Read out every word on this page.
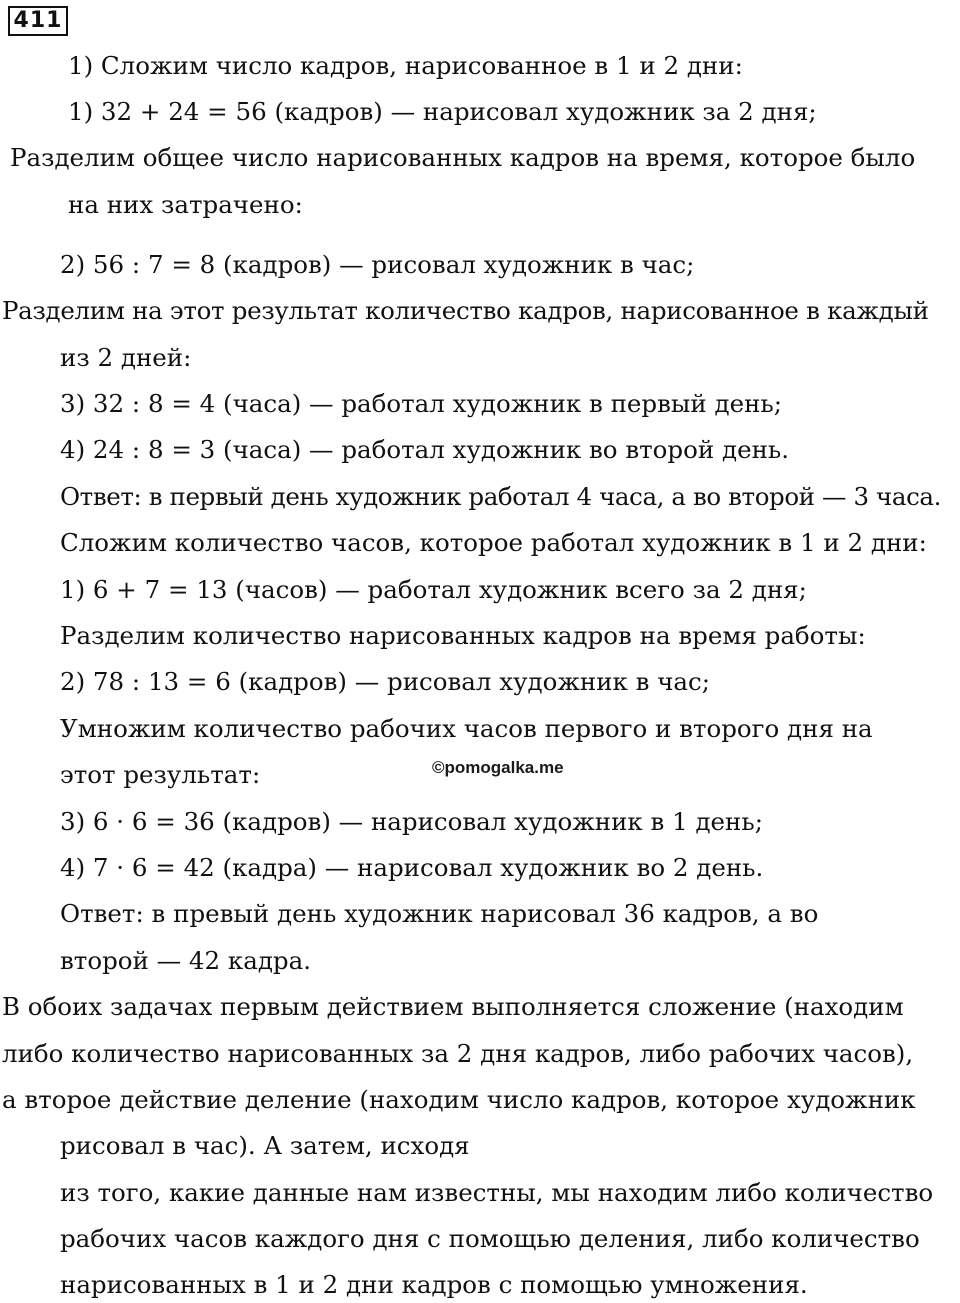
411
1) Сложим число кадров, нарисованное в 1 и 2 дни:
1) 32 + 24 = 56 (кадров) — нарисовал художник за 2 дня;
Разделим общее число нарисованных кадров на время, которое было
на них затрачено:
2) 56 : 7 = 8 (кадров) — рисовал художник в час;
Разделим на этот результат количество кадров, нарисованное в каждый
из 2 дней:
3) 32 : 8 = 4 (часа) — работал художник в первый день;
4) 24 : 8 = 3 (часа) — работал художник во второй день.
Ответ: в первый день художник работал 4 часа, а во второй — 3 часа.
Сложим количество часов, которое работал художник в 1 и 2 дни:
1) 6 + 7 = 13 (часов) — работал художник всего за 2 дня;
Разделим количество нарисованных кадров на время работы:
2) 78 : 13 = 6 (кадров) — рисовал художник в час;
Умножим количество рабочих часов первого и второго дня на
этот результат:
3) 6 · 6 = 36 (кадров) — нарисовал художник в 1 день;
4) 7 · 6 = 42 (кадра) — нарисовал художник во 2 день.
Ответ: в превый день художник нарисовал 36 кадров, а во
второй — 42 кадра.
В обоих задачах первым действием выполняется сложение (находим
либо количество нарисованных за 2 дня кадров, либо рабочих часов),
а второе действие деление (находим число кадров, которое художник
рисовал в час). А затем, исходя
из того, какие данные нам известны, мы находим либо количество
рабочих часов каждого дня с помощью деления, либо количество
нарисованных в 1 и 2 дни кадров с помощью умножения.
©pomogalka.me
